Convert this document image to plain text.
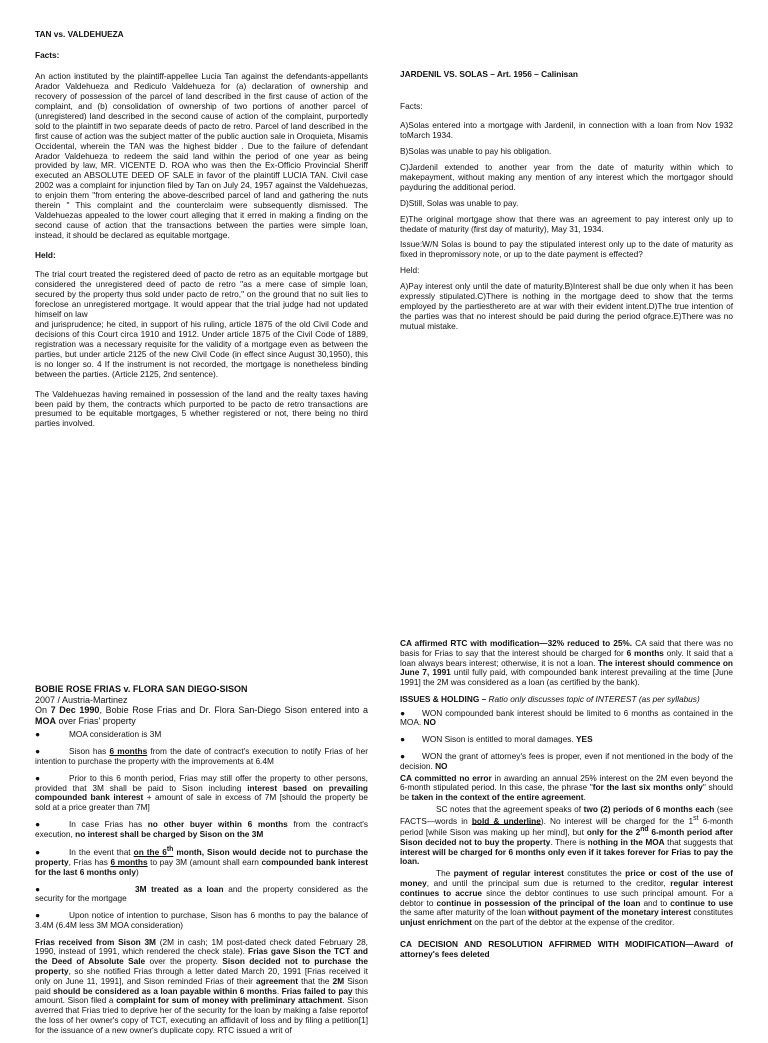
TAN vs. VALDEHUEZA
Facts:

An action instituted by the plaintiff-appellee Lucia Tan against the defendants-appellants Arador Valdehueza and Rediculo Valdehueza for (a) declaration of ownership and recovery of possession of the parcel of land described in the first cause of action of the complaint, and (b) consolidation of ownership of two portions of another parcel of (unregistered) land described in the second cause of action of the complaint, purportedly sold to the plaintiff in two separate deeds of pacto de retro. Parcel of land described in the first cause of action was the subject matter of the public auction sale in Oroquieta, Misamis Occidental, wherein the TAN was the highest bidder . Due to the failure of defendant Arador Valdehueza to redeem the said land within the period of one year as being provided by law, MR. VICENTE D. ROA who was then the Ex-Officio Provincial Sheriff executed an ABSOLUTE DEED OF SALE in favor of the plaintiff LUCIA TAN. Civil case 2002 was a complaint for injunction filed by Tan on July 24, 1957 against the Valdehuezas, to enjoin them "from entering the above-described parcel of land and gathering the nuts therein " This complaint and the counterclaim were subsequently dismissed. The Valdehuezas appealed to the lower court alleging that it erred in making a finding on the second cause of action that the transactions between the parties were simple loan, instead, it should be declared as equitable mortgage.

Held:

The trial court treated the registered deed of pacto de retro as an equitable mortgage but considered the unregistered deed of pacto de retro "as a mere case of simple loan, secured by the property thus sold under pacto de retro," on the ground that no suit lies to foreclose an unregistered mortgage. It would appear that the trial judge had not updated himself on law

and jurisprudence; he cited, in support of his ruling, article 1875 of the old Civil Code and decisions of this Court circa 1910 and 1912. Under article 1875 of the Civil Code of 1889, registration was a necessary requisite for the validity of a mortgage even as between the parties, but under article 2125 of the new Civil Code (in effect since August 30,1950), this is no longer so. 4 If the instrument is not recorded, the mortgage is nonetheless binding between the parties. (Article 2125, 2nd sentence).

The Valdehuezas having remained in possession of the land and the realty taxes having been paid by them, the contracts which purported to be pacto de retro transactions are presumed to be equitable mortgages, 5 whether registered or not, there being no third parties involved.

JARDENIL VS. SOLAS – Art. 1956 – Calinisan

Facts:

A)Solas entered into a mortgage with Jardenil, in connection with a loan from Nov 1932 toMarch 1934.

B)Solas was unable to pay his obligation.

C)Jardenil extended to another year from the date of maturity within which to makepayment, without making any mention of any interest which the mortgagor should payduring the additional period.

D)Still, Solas was unable to pay.

E)The original mortgage show that there was an agreement to pay interest only up to thedate of maturity (first day of maturity), May 31, 1934.

Issue:W/N Solas is bound to pay the stipulated interest only up to the date of maturity as fixed in thepromissory note, or up to the date payment is effected?

Held:

A)Pay interest only until the date of maturity.B)Interest shall be due only when it has been expressly stipulated.C)There is nothing in the mortgage deed to show that the terms employed by the partiesthereto are at war with their evident intent.D)The true intention of the parties was that no interest should be paid during the period ofgrace.E)There was no mutual mistake.

BOBIE ROSE FRIAS v. FLORA SAN DIEGO-SISON
2007 / Austria-Martinez

On 7 Dec 1990, Bobie Rose Frias and Dr. Flora San-Diego Sison entered into a MOA over Frias' property

●	MOA consideration is 3M

●	Sison has 6 months from the date of contract's execution to notify Frias of her intention to purchase the property with the improvements at 6.4M

●	Prior to this 6 month period, Frias may still offer the property to other persons, provided that 3M shall be paid to Sison including interest based on prevailing compounded bank interest + amount of sale in excess of 7M [should the property be sold at a price greater than 7M]

●	In case Frias has no other buyer within 6 months from the contract's execution, no interest shall be charged by Sison on the 3M

●	In the event that on the 6th month, Sison would decide not to purchase the property, Frias has 6 months to pay 3M (amount shall earn compounded bank interest for the last 6 months only)

●	3M treated as a loan and the property considered as the security for the mortgage

●	Upon notice of intention to purchase, Sison has 6 months to pay the balance of 3.4M (6.4M less 3M MOA consideration)

Frias received from Sison 3M (2M in cash; 1M post-dated check dated February 28, 1990, instead of 1991, which rendered the check stale). Frias gave Sison the TCT and the Deed of Absolute Sale over the property. Sison decided not to purchase the property, so she notified Frias through a letter dated March 20, 1991 [Frias received it only on June 11, 1991], and Sison reminded Frias of their agreement that the 2M Sison paid should be considered as a loan payable within 6 months. Frias failed to pay this amount. Sison filed a complaint for sum of money with preliminary attachment. Sison averred that Frias tried to deprive her of the security for the loan by making a false reportof the loss of her owner's copy of TCT, executing an affidavit of loss and by filing a petition[1] for the issuance of a new owner's duplicate copy. RTC issued a writ of

CA affirmed RTC with modification—32% reduced to 25%. CA said that there was no basis for Frias to say that the interest should be charged for 6 months only. It said that a loan always bears interest; otherwise, it is not a loan. The interest should commence on June 7, 1991 until fully paid, with compounded bank interest prevailing at the time [June 1991] the 2M was considered as a loan (as certified by the bank).

ISSUES & HOLDING – Ratio only discusses topic of INTEREST (as per syllabus)

● WON compounded bank interest should be limited to 6 months as contained in the MOA. NO

● WON Sison is entitled to moral damages. YES

● WON the grant of attorney's fees is proper, even if not mentioned in the body of the decision. NO

CA committed no error in awarding an annual 25% interest on the 2M even beyond the 6-month stipulated period. In this case, the phrase "for the last six months only" should be taken in the context of the entire agreement.

SC notes that the agreement speaks of two (2) periods of 6 months each (see FACTS—words in bold & underline). No interest will be charged for the 1st 6-month period [while Sison was making up her mind], but only for the 2nd 6-month period after Sison decided not to buy the property. There is nothing in the MOA that suggests that interest will be charged for 6 months only even if it takes forever for Frias to pay the loan.

The payment of regular interest constitutes the price or cost of the use of money, and until the principal sum due is returned to the creditor, regular interest continues to accrue since the debtor continues to use such principal amount. For a debtor to continue in possession of the principal of the loan and to continue to use the same after maturity of the loan without payment of the monetary interest constitutes unjust enrichment on the part of the debtor at the expense of the creditor.

CA DECISION AND RESOLUTION AFFIRMED WITH MODIFICATION—Award of attorney's fees deleted
